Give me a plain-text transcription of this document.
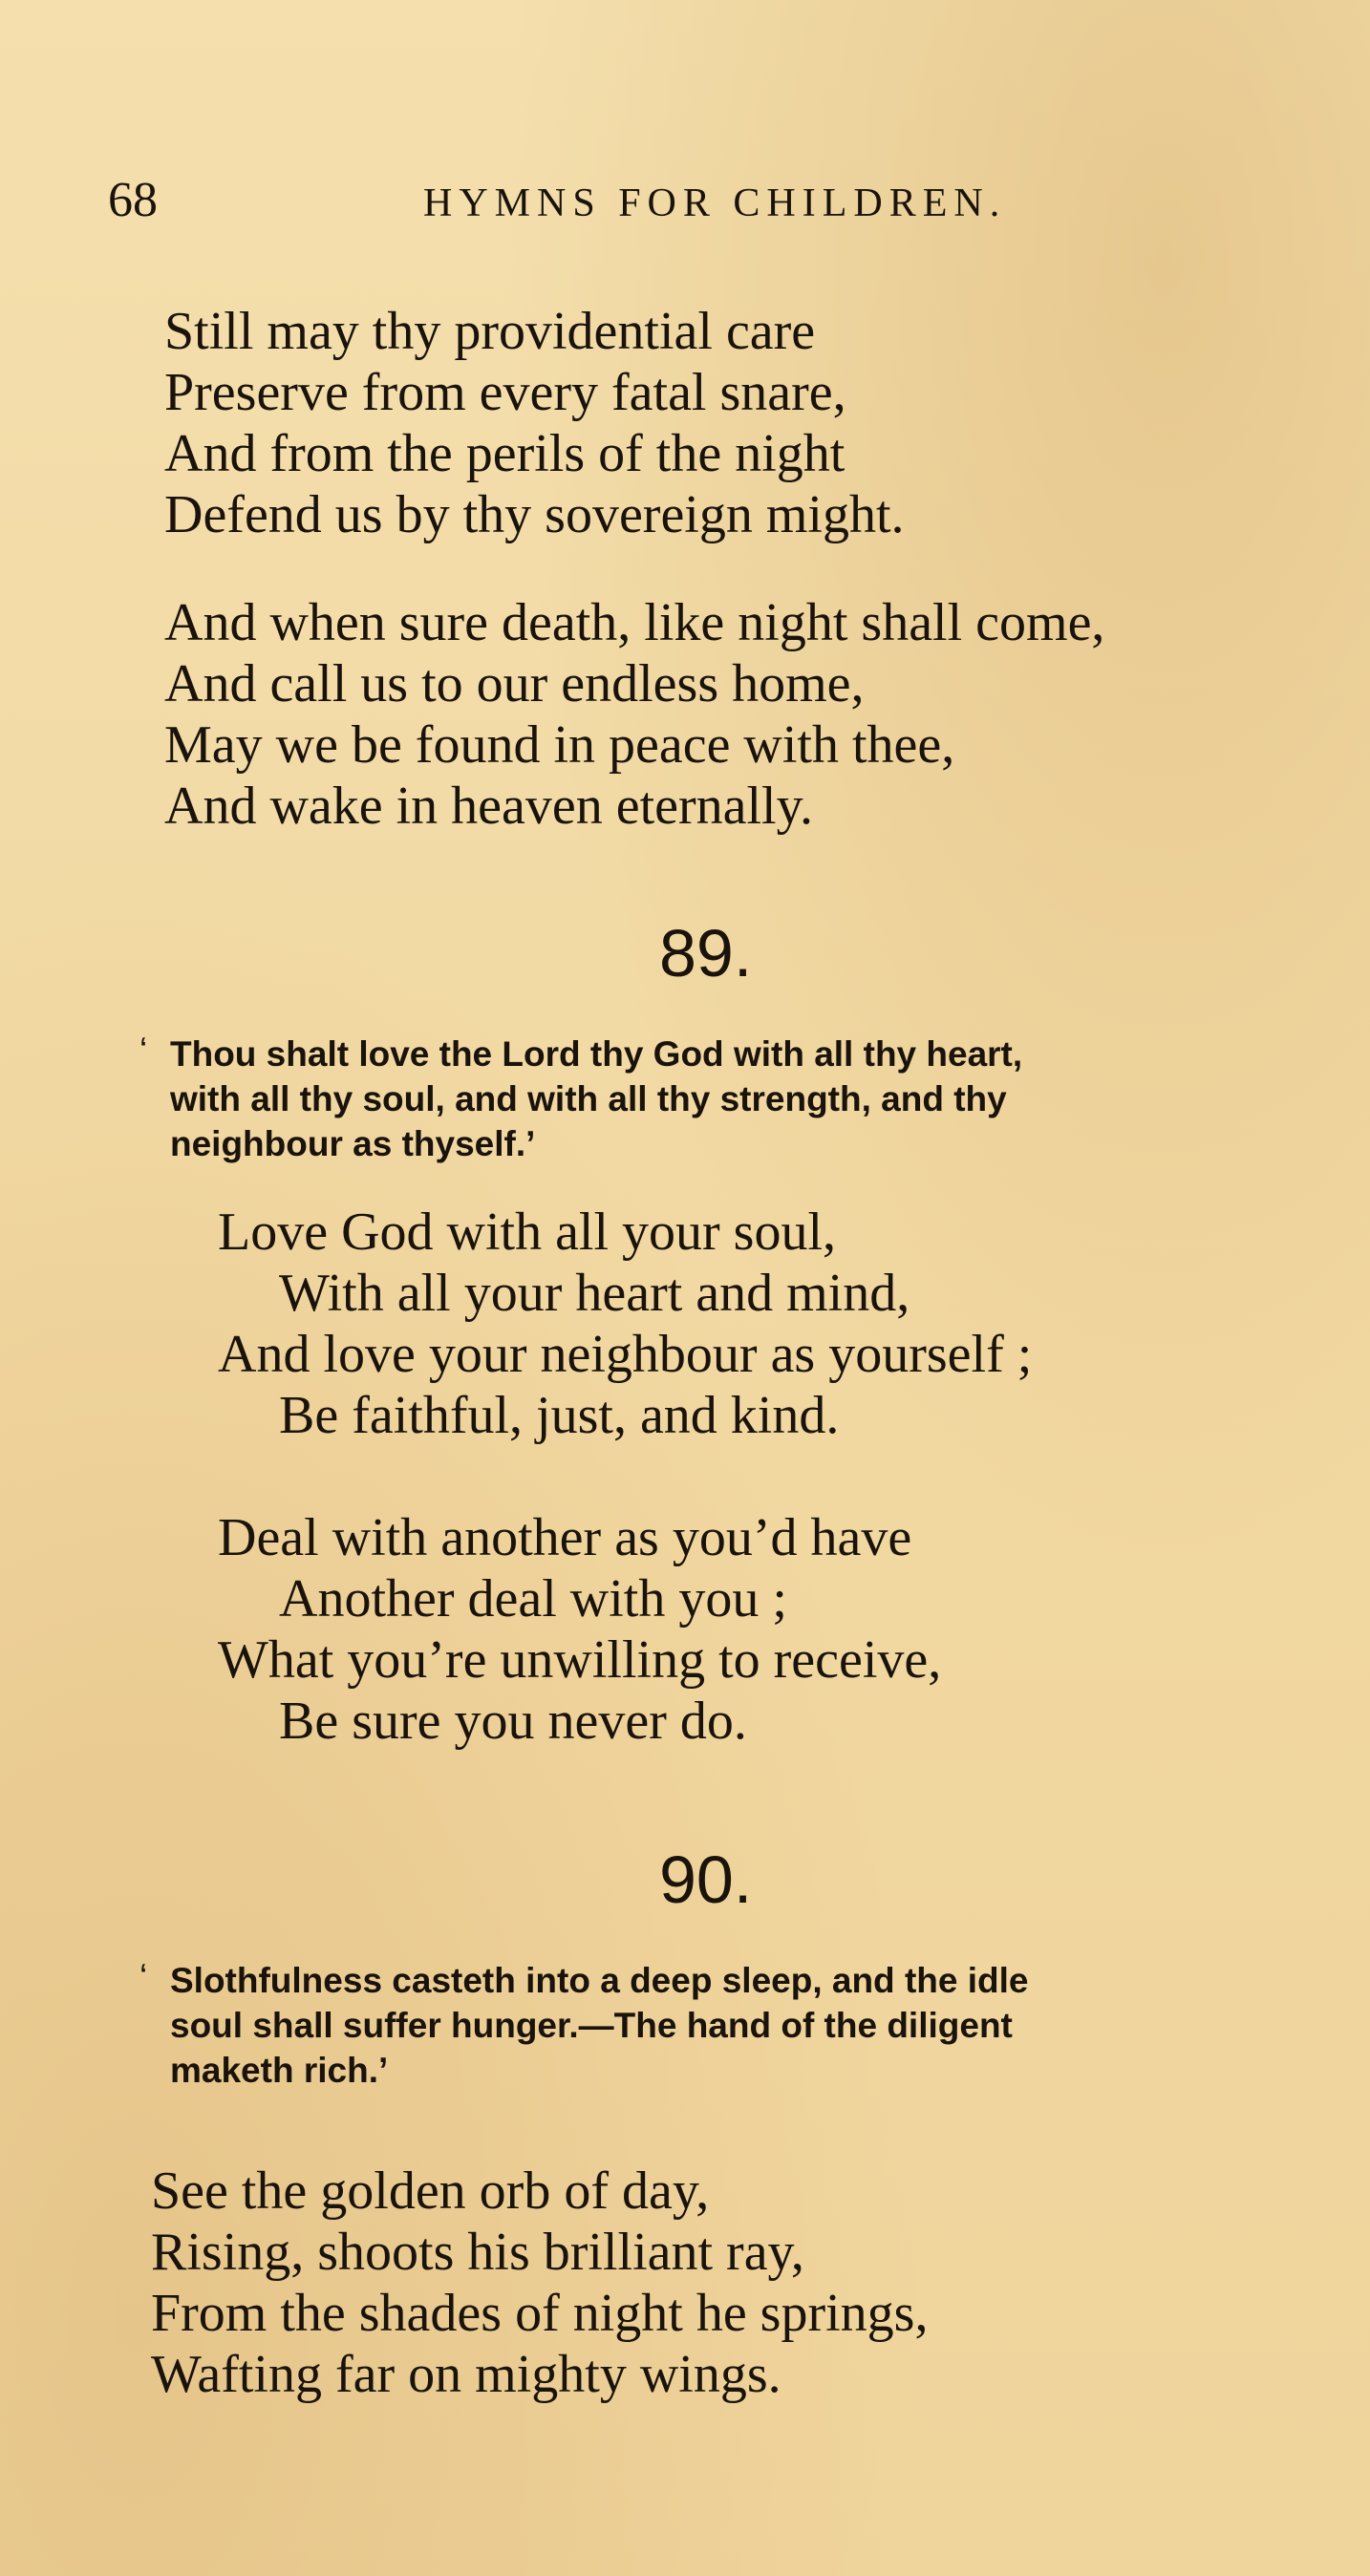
68	HYMNS FOR CHILDREN.
Still may thy providential care
Preserve from every fatal snare,
And from the perils of the night
Defend us by thy sovereign might.
And when sure death, like night shall come,
And call us to our endless home,
May we be found in peace with thee,
And wake in heaven eternally.
89.
‘ Thou shalt love the Lord thy God with all thy heart,
with all thy soul, and with all thy strength, and thy
neighbour as thyself.’
Love God with all your soul,
With all your heart and mind,
And love your neighbour as yourself ;
Be faithful, just, and kind.
Deal with another as you’d have
Another deal with you ;
What you’re unwilling to receive,
Be sure you never do.
90.
‘ Slothfulness casteth into a deep sleep, and the idle
soul shall suffer hunger.—The hand of the diligent
maketh rich.’
See the golden orb of day,
Rising, shoots his brilliant ray,
From the shades of night he springs,
Wafting far on mighty wings.
